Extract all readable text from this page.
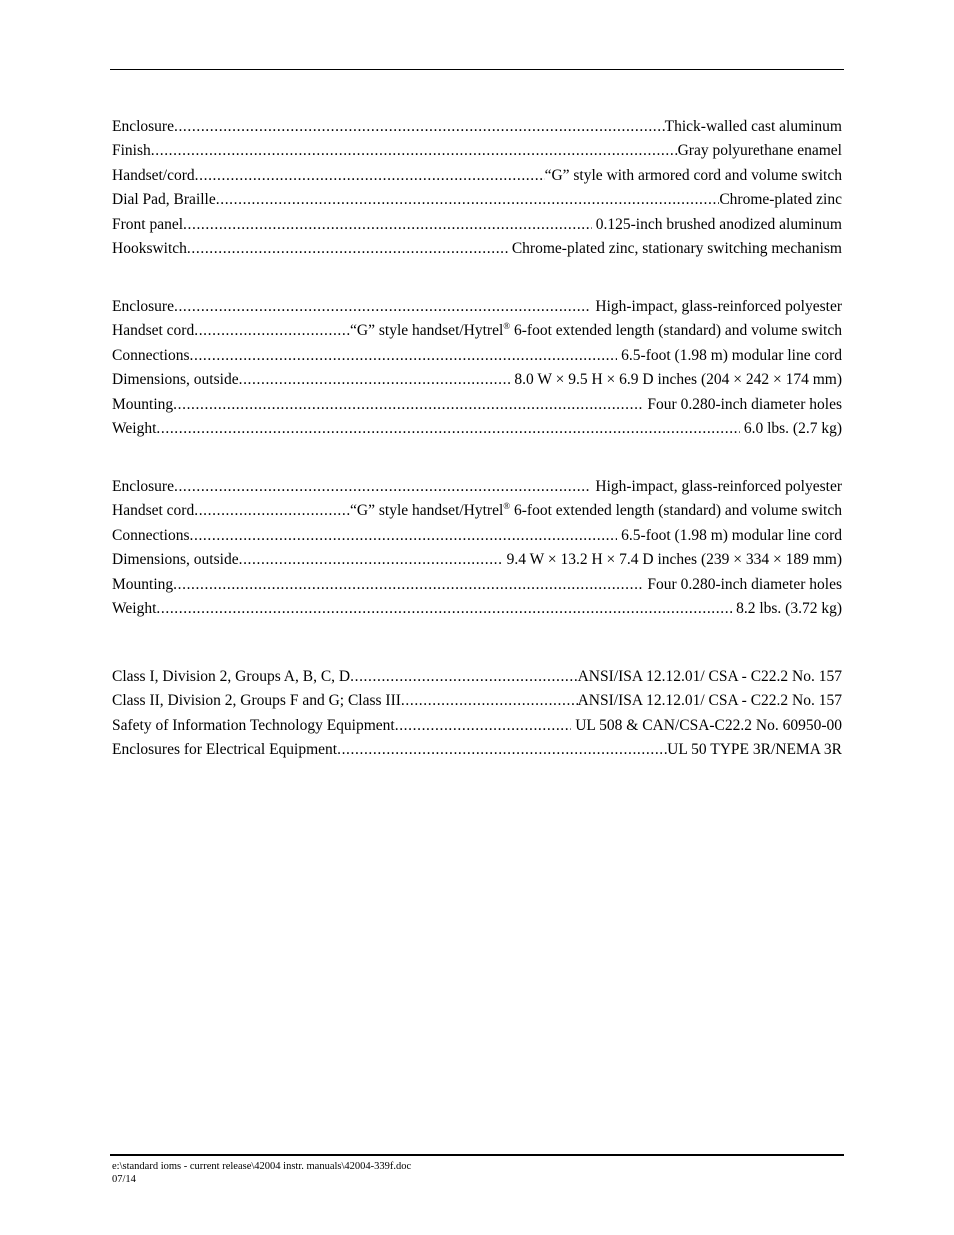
Enclosure .....	Thick-walled cast aluminum
Finish .....	Gray polyurethane enamel
Handset/cord .....	“G” style with armored cord and volume switch
Dial Pad, Braille .....	Chrome-plated zinc
Front panel .....	0.125-inch brushed anodized aluminum
Hookswitch .....	Chrome-plated zinc, stationary switching mechanism
Enclosure .....	High-impact, glass-reinforced polyester
Handset cord .....	“G” style handset/Hytrel® 6-foot extended length (standard) and volume switch
Connections .....	6.5-foot (1.98 m) modular line cord
Dimensions, outside .....	8.0 W × 9.5 H × 6.9 D inches (204 × 242 × 174 mm)
Mounting .....	Four 0.280-inch diameter holes
Weight .....	6.0 lbs. (2.7 kg)
Enclosure .....	High-impact, glass-reinforced polyester
Handset cord .....	“G” style handset/Hytrel® 6-foot extended length (standard) and volume switch
Connections .....	6.5-foot (1.98 m) modular line cord
Dimensions, outside .....	9.4 W × 13.2 H × 7.4 D inches (239 × 334 × 189 mm)
Mounting .....	Four 0.280-inch diameter holes
Weight .....	8.2 lbs. (3.72 kg)
Class I, Division 2, Groups A, B, C, D .....	ANSI/ISA 12.12.01/ CSA - C22.2 No. 157
Class II, Division 2, Groups F and G; Class III .....	ANSI/ISA 12.12.01/ CSA - C22.2 No. 157
Safety of Information Technology Equipment .....	UL 508 & CAN/CSA-C22.2 No. 60950-00
Enclosures for Electrical Equipment .....	UL 50 TYPE 3R/NEMA 3R
e:\standard ioms - current release\42004 instr. manuals\42004-339f.doc
07/14
